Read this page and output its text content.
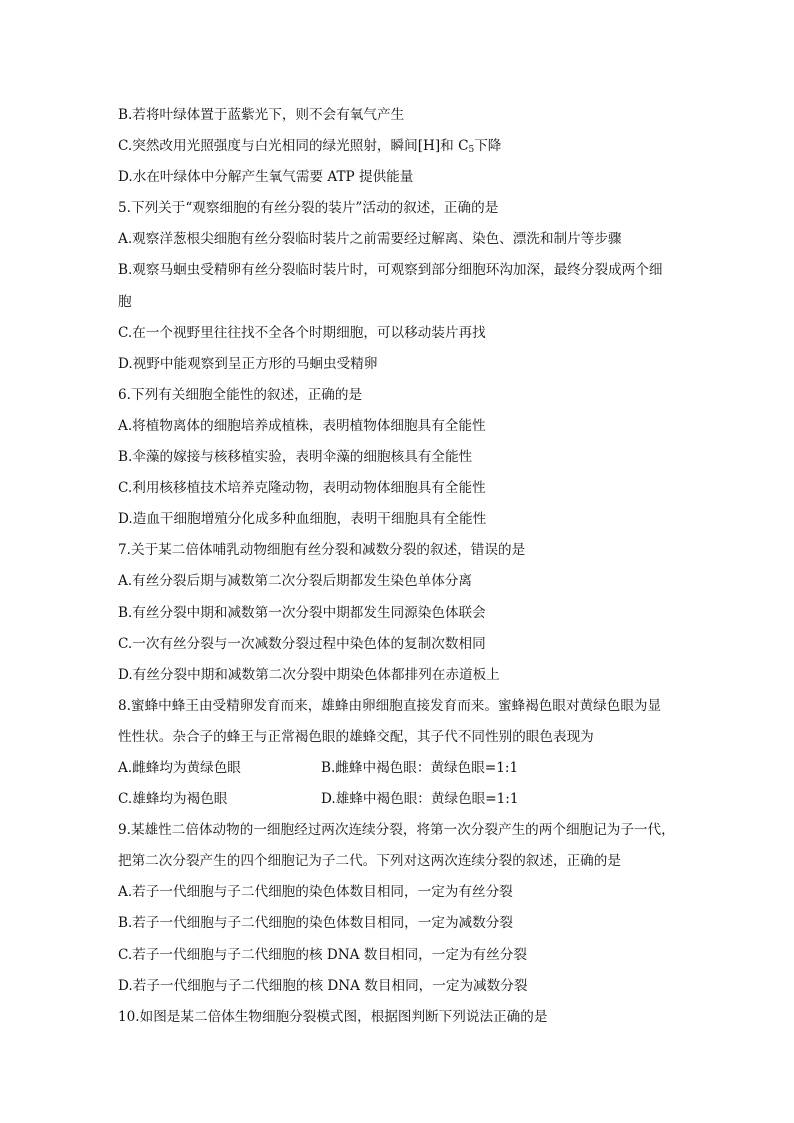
B.若将叶绿体置于蓝紫光下，则不会有氧气产生
C.突然改用光照强度与白光相同的绿光照射，瞬间[H]和 $C_5$下降
D.水在叶绿体中分解产生氧气需要 ATP 提供能量
5.下列关于“观察细胞的有丝分裂的装片”活动的叙述，正确的是
A.观察洋葱根尖细胞有丝分裂临时装片之前需要经过解离、染色、漂洗和制片等步骤
B.观察马蛔虫受精卵有丝分裂临时装片时，可观察到部分细胞环沟加深，最终分裂成两个细
胞
C.在一个视野里往往找不全各个时期细胞，可以移动装片再找
D.视野中能观察到呈正方形的马蛔虫受精卵
6.下列有关细胞全能性的叙述，正确的是
A.将植物离体的细胞培养成植株，表明植物体细胞具有全能性
B.伞藻的嫁接与核移植实验，表明伞藻的细胞核具有全能性
C.利用核移植技术培养克隆动物，表明动物体细胞具有全能性
D.造血干细胞增殖分化成多种血细胞，表明干细胞具有全能性
7.关于某二倍体哺乳动物细胞有丝分裂和减数分裂的叙述，错误的是
A.有丝分裂后期与减数第二次分裂后期都发生染色单体分离
B.有丝分裂中期和减数第一次分裂中期都发生同源染色体联会
C.一次有丝分裂与一次减数分裂过程中染色体的复制次数相同
D.有丝分裂中期和减数第二次分裂中期染色体都排列在赤道板上
8.蜜蜂中蜂王由受精卵发育而来，雄蜂由卵细胞直接发育而来。蜜蜂褐色眼对黄绿色眼为显
性性状。杂合子的蜂王与正常褐色眼的雄蜂交配，其子代不同性别的眼色表现为
A.雌蜂均为黄绿色眼	B.雌蜂中褐色眼：黄绿色眼=1:1
C.雄蜂均为褐色眼	D.雄蜂中褐色眼：黄绿色眼=1:1
9.某雄性二倍体动物的一细胞经过两次连续分裂，将第一次分裂产生的两个细胞记为子一代，
把第二次分裂产生的四个细胞记为子二代。下列对这两次连续分裂的叙述，正确的是
A.若子一代细胞与子二代细胞的染色体数目相同，一定为有丝分裂
B.若子一代细胞与子二代细胞的染色体数目相同，一定为减数分裂
C.若子一代细胞与子二代细胞的核 DNA 数目相同，一定为有丝分裂
D.若子一代细胞与子二代细胞的核 DNA 数目相同，一定为减数分裂
10.如图是某二倍体生物细胞分裂模式图，根据图判断下列说法正确的是
